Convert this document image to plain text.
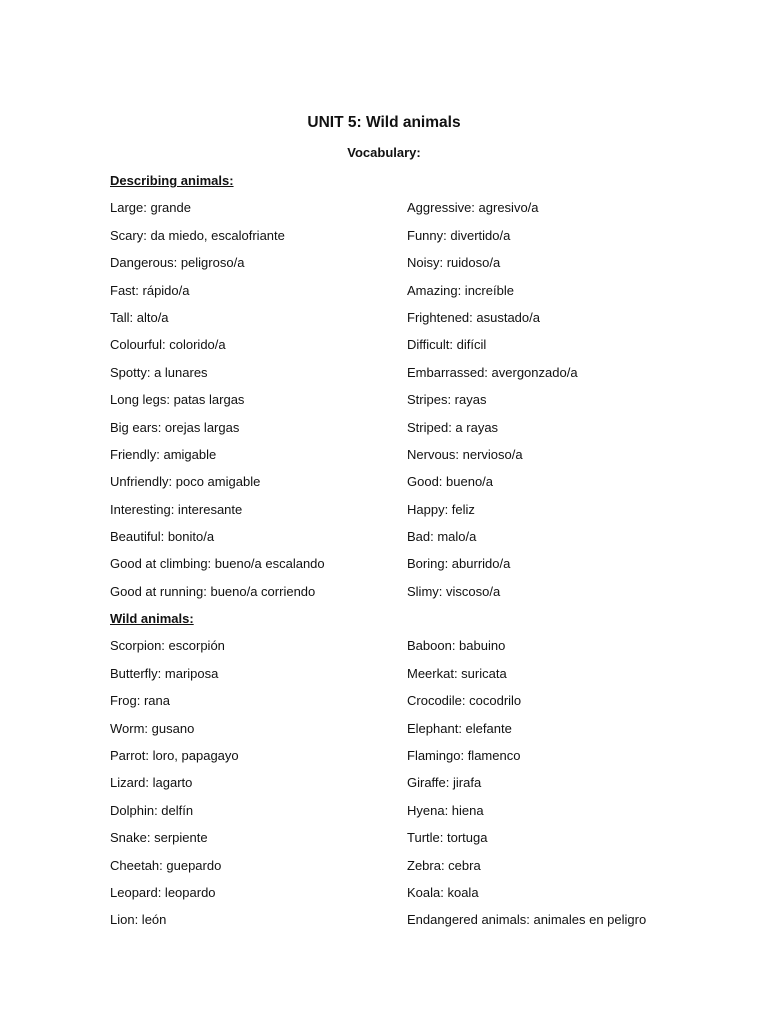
UNIT 5: Wild animals
Vocabulary:
Describing animals:
Large: grande	Aggressive: agresivo/a
Scary: da miedo, escalofriante	Funny: divertido/a
Dangerous: peligroso/a	Noisy: ruidoso/a
Fast: rápido/a	Amazing: increíble
Tall: alto/a	Frightened: asustado/a
Colourful: colorido/a	Difficult: difícil
Spotty: a lunares	Embarrassed: avergonzado/a
Long legs: patas largas	Stripes: rayas
Big ears: orejas largas	Striped: a rayas
Friendly: amigable	Nervous: nervioso/a
Unfriendly: poco amigable	Good: bueno/a
Interesting: interesante	Happy: feliz
Beautiful: bonito/a	Bad: malo/a
Good at climbing: bueno/a escalando	Boring: aburrido/a
Good at running: bueno/a corriendo	Slimy: viscoso/a
Wild animals:
Scorpion: escorpión	Baboon: babuino
Butterfly: mariposa	Meerkat: suricata
Frog: rana	Crocodile: cocodrilo
Worm: gusano	Elephant: elefante
Parrot: loro, papagayo	Flamingo: flamenco
Lizard: lagarto	Giraffe: jirafa
Dolphin: delfín	Hyena: hiena
Snake: serpiente	Turtle: tortuga
Cheetah: guepardo	Zebra: cebra
Leopard: leopardo	Koala: koala
Lion: león	Endangered animals: animales en peligro
